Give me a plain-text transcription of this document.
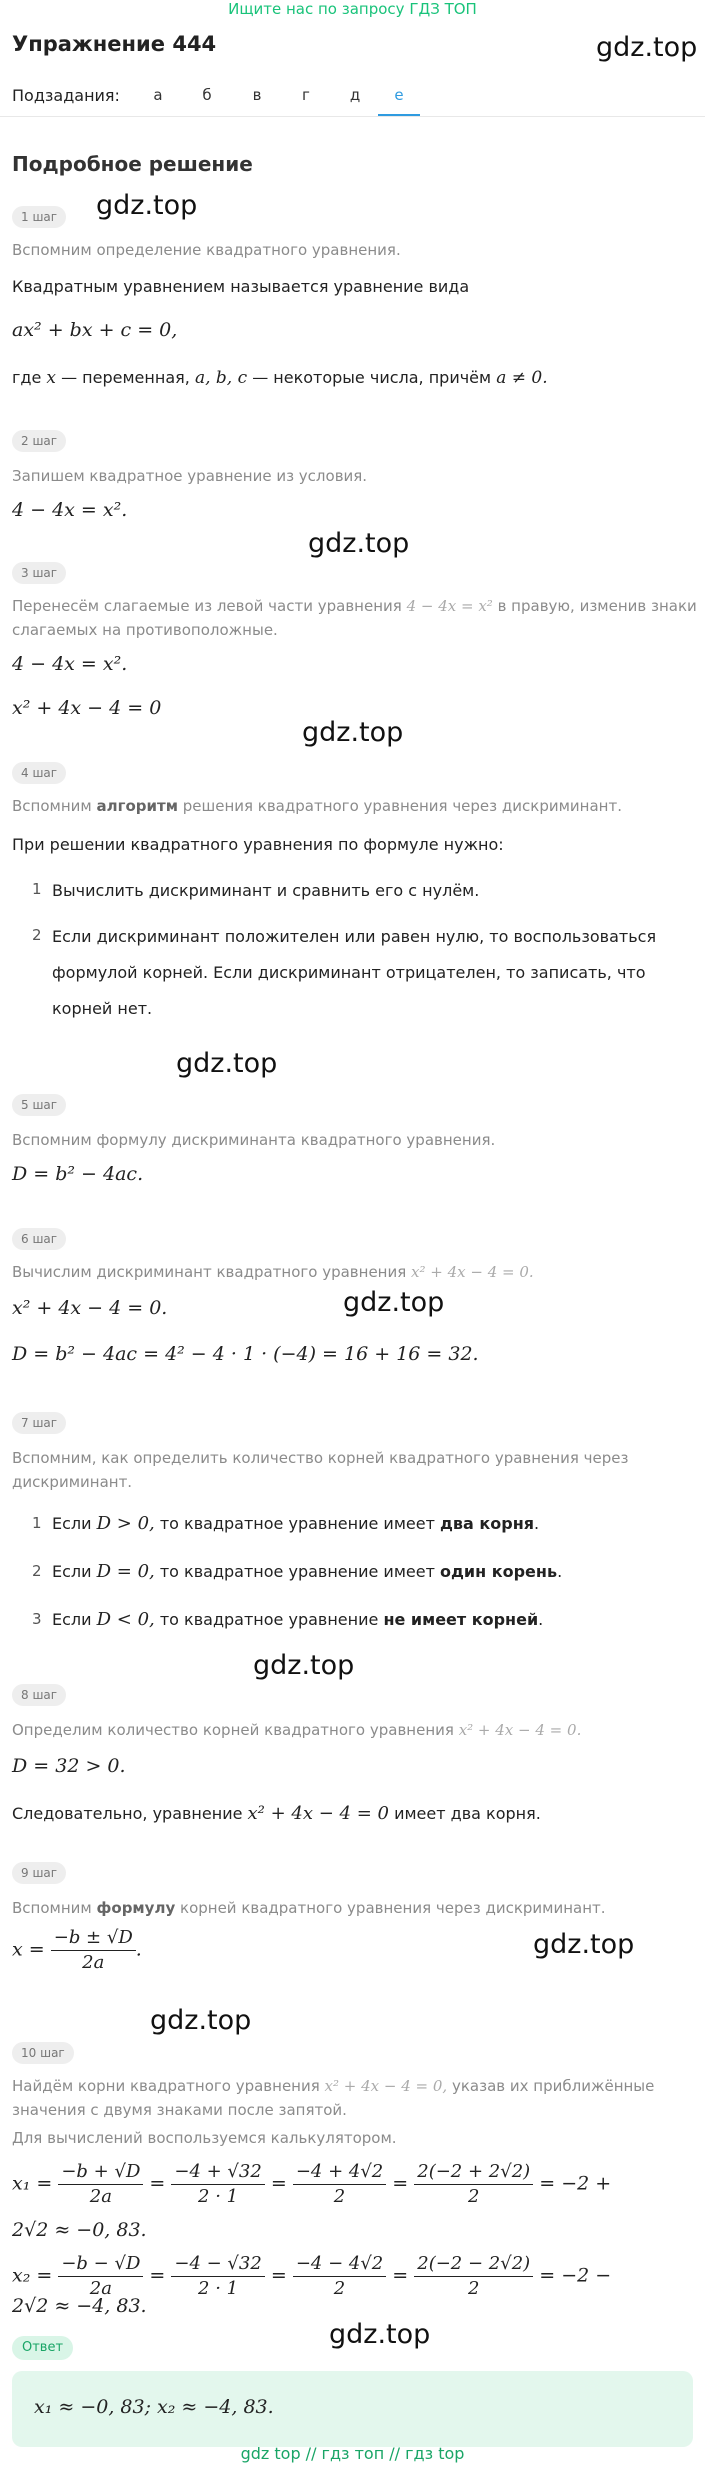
Ищите нас по запросу ГДЗ ТОП
gdz.top
Упражнение 444
Подзадания:	а	б	в	г	д	е
Подробное решение
gdz.top
gdz.top
gdz.top
gdz.top
gdz.top
gdz.top
gdz.top
gdz.top
gdz.top
1 шаг
Вспомним определение квадратного уравнения.
Квадратным уравнением называется уравнение вида
ax² + bx + c = 0,
где x — переменная, a, b, c — некоторые числа, причём a ≠ 0.
2 шаг
Запишем квадратное уравнение из условия.
4 − 4x = x².
3 шаг
Перенесём слагаемые из левой части уравнения 4 − 4x = x² в правую, изменив знаки
слагаемых на противоположные.
4 − 4x = x².
x² + 4x − 4 = 0
4 шаг
Вспомним алгоритм решения квадратного уравнения через дискриминант.
При решении квадратного уравнения по формуле нужно:
1 Вычислить дискриминант и сравнить его с нулём.
2 Если дискриминант положителен или равен нулю, то воспользоваться
формулой корней. Если дискриминант отрицателен, то записать, что
корней нет.
5 шаг
Вспомним формулу дискриминанта квадратного уравнения.
D = b² − 4ac.
6 шаг
Вычислим дискриминант квадратного уравнения x² + 4x − 4 = 0.
x² + 4x − 4 = 0.
D = b² − 4ac = 4² − 4 · 1 · (−4) = 16 + 16 = 32.
7 шаг
Вспомним, как определить количество корней квадратного уравнения через
дискриминант.
1 Если D > 0, то квадратное уравнение имеет два корня.
2 Если D = 0, то квадратное уравнение имеет один корень.
3 Если D < 0, то квадратное уравнение не имеет корней.
8 шаг
Определим количество корней квадратного уравнения x² + 4x − 4 = 0.
D = 32 > 0.
Следовательно, уравнение x² + 4x − 4 = 0 имеет два корня.
9 шаг
Вспомним формулу корней квадратного уравнения через дискриминант.
$x = \frac{-b \pm √D}{2a}$ .
10 шаг
Найдём корни квадратного уравнения x² + 4x − 4 = 0, указав их приближённые
значения с двумя знаками после запятой.
Для вычислений воспользуемся калькулятором.
$x_1 = \frac{-b + √D}{2a} = \frac{-4 + √32}{2 \cdot 1} = \frac{-4 + 4√2}{2} = \frac{2(-2 + 2√2)}{2} = -2$ +
2√2 ≈ −0, 83.
$x_2 = \frac{-b - √D}{2a} = \frac{-4 - √32}{2 \cdot 1} = \frac{-4 - 4√2}{2} = \frac{2(-2 - 2√2)}{2} = -2$ −
2√2 ≈ −4, 83.
Ответ
x₁ ≈ −0, 83; x₂ ≈ −4, 83.
gdz top // гдз топ // гдз top
